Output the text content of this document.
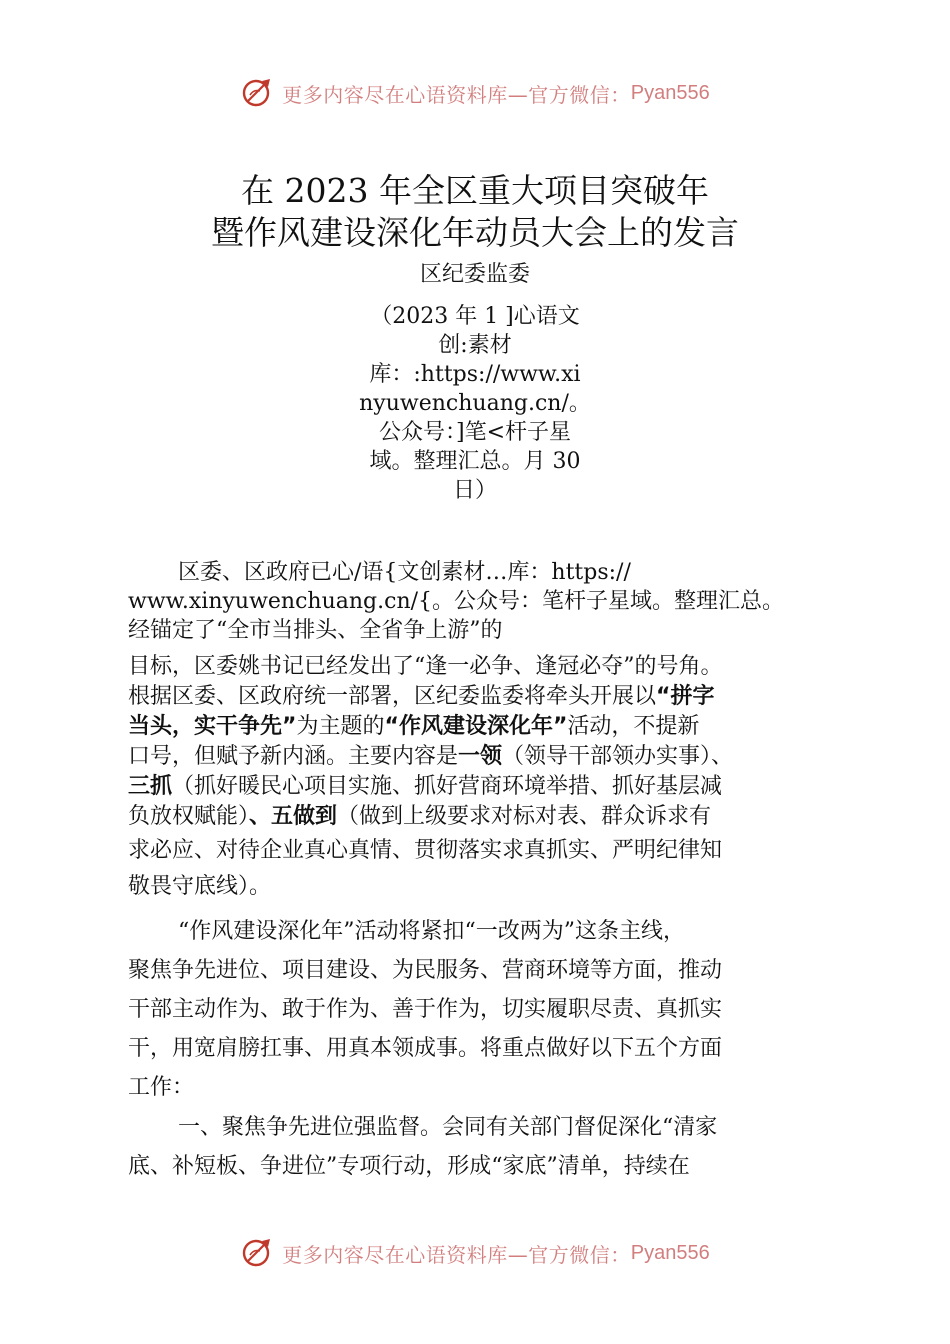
更多内容尽在心语资料库—官方微信： Pyan556
在 2023 年全区重大项目突破年
暨作风建设深化年动员大会上的发言
区纪委监委
（2023 年 1 ]心语文
创:素材
库：:https://www.xi
nyuwenchuang.cn/。
公众号：]笔<杆子星
域。整理汇总。月 30
日）
区委、区政府已心/语{文创素材…库：https://
www.xinyuwenchuang.cn/{。公众号：笔杆子星域。整理汇总。
经锚定了“全市当排头、全省争上游”的
目标，区委姚书记已经发出了“逢一必争、逢冠必夺”的号角。
根据区委、区政府统一部署，区纪委监委将牵头开展以“拼字
当头，实干争先”为主题的“作风建设深化年”活动，不提新
口号，但赋予新内涵。主要内容是一领（领导干部领办实事）、
三抓（抓好暖民心项目实施、抓好营商环境举措、抓好基层减
负放权赋能）、五做到（做到上级要求对标对表、群众诉求有
求必应、对待企业真心真情、贯彻落实求真抓实、严明纪律知
敬畏守底线）。
“作风建设深化年”活动将紧扣“一改两为”这条主线，
聚焦争先进位、项目建设、为民服务、营商环境等方面，推动
干部主动作为、敢于作为、善于作为，切实履职尽责、真抓实
干，用宽肩膀扛事、用真本领成事。将重点做好以下五个方面
工作：
一、聚焦争先进位强监督。会同有关部门督促深化“清家
底、补短板、争进位”专项行动，形成“家底”清单，持续在
更多内容尽在心语资料库—官方微信： Pyan556
